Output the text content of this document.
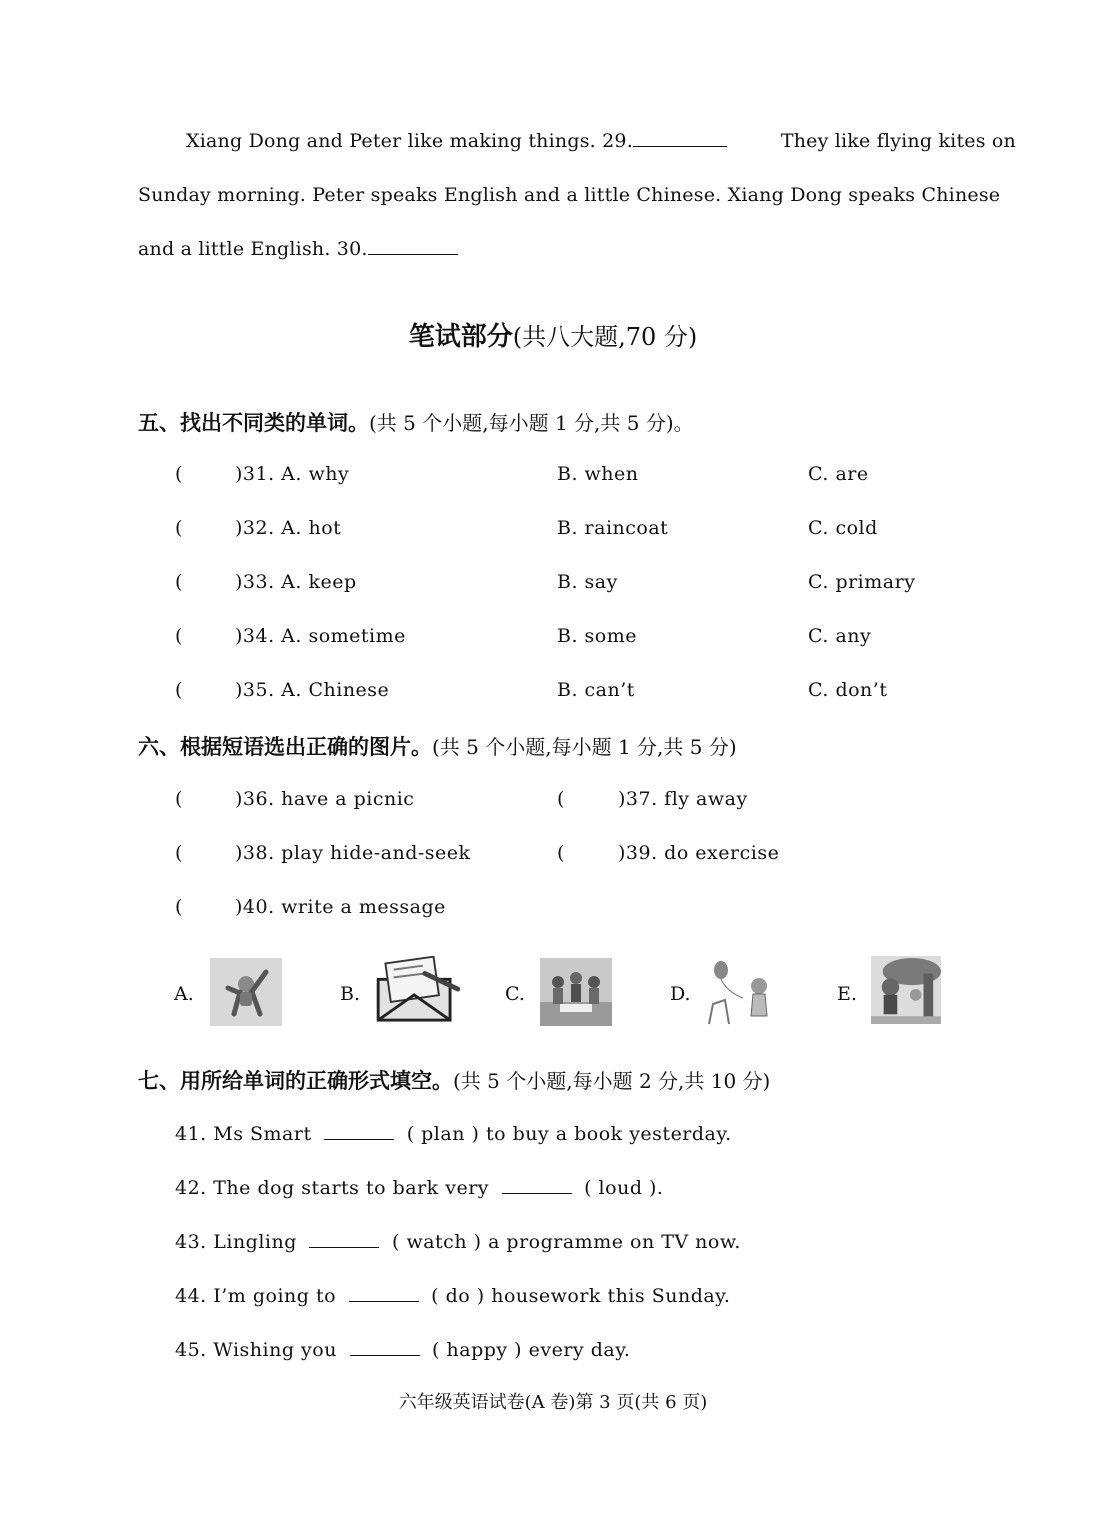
Xiang Dong and Peter like making things. 29.	They like flying kites on
Sunday morning. Peter speaks English and a little Chinese. Xiang Dong speaks Chinese
and a little English. 30.
笔试部分(共八大题,70 分)
五、找出不同类的单词。(共 5 个小题,每小题 1 分,共 5 分)。
(	)31. A. why	B. when	C. are
(	)32. A. hot	B. raincoat	C. cold
(	)33. A. keep	B. say	C. primary
(	)34. A. sometime	B. some	C. any
(	)35. A. Chinese	B. can’t	C. don’t
六、根据短语选出正确的图片。(共 5 个小题,每小题 1 分,共 5 分)
(	)36. have a picnic	(	)37. fly away
(	)38. play hide-and-seek	(	)39. do exercise
(	)40. write a message
A.	B.	C.	D.	E.
七、用所给单词的正确形式填空。(共 5 个小题,每小题 2 分,共 10 分)
41. Ms Smart	( plan ) to buy a book yesterday.
42. The dog starts to bark very	( loud ).
43. Lingling	( watch ) a programme on TV now.
44. I’m going to	( do ) housework this Sunday.
45. Wishing you	( happy ) every day.
六年级英语试卷(A 卷)第 3 页(共 6 页)
